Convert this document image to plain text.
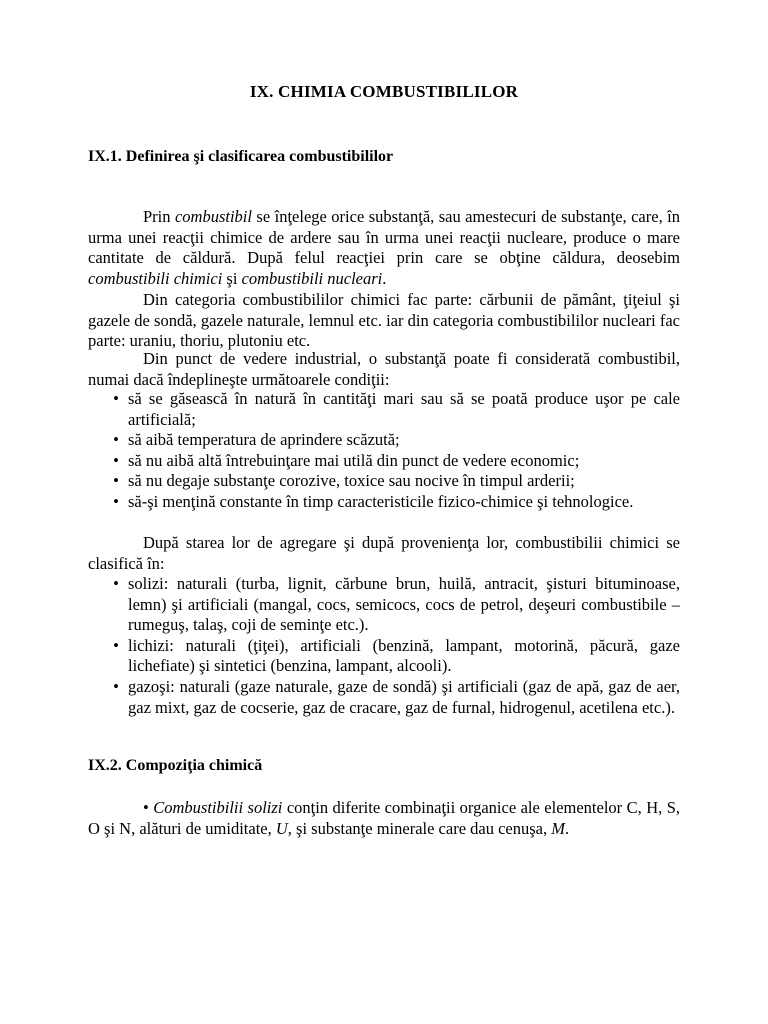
IX. CHIMIA COMBUSTIBILILOR
IX.1. Definirea şi clasificarea combustibililor

Prin combustibil se înţelege orice substanţă, sau amestecuri de substanţe, care, în urma unei reacţii chimice de ardere sau în urma unei reacţii nucleare, produce o mare cantitate de căldură. După felul reacţiei prin care se obţine căldura, deosebim combustibili chimici şi combustibili nucleari.

Din categoria combustibililor chimici fac parte: cărbunii de pământ, ţiţeiul şi gazele de sondă, gazele naturale, lemnul etc. iar din categoria combustibililor nucleari fac parte: uraniu, thoriu, plutoniu etc.

Din punct de vedere industrial, o substanţă poate fi considerată combustibil, numai dacă îndeplineşte următoarele condiţii:

• să se găsească în natură în cantităţi mari sau să se poată produce uşor pe cale artificială;
• să aibă temperatura de aprindere scăzută;
• să nu aibă altă întrebuinţare mai utilă din punct de vedere economic;
• să nu degaje substanţe corozive, toxice sau nocive în timpul arderii;
• să-şi menţină constante în timp caracteristicile fizico-chimice şi tehnologice.

După starea lor de agregare şi după provenienţa lor, combustibilii chimici se clasifică în:

• solizi: naturali (turba, lignit, cărbune brun, huilă, antracit, şisturi bituminoase, lemn) şi artificiali (mangal, cocs, semicocs, cocs de petrol, deşeuri combustibile – rumeguş, talaş, coji de seminţe etc.).
• lichizi: naturali (ţiţei), artificiali (benzină, lampant, motorină, păcură, gaze lichefiate) şi sintetici (benzina, lampant, alcooli).
• gazoşi: naturali (gaze naturale, gaze de sondă) şi artificiali (gaz de apă, gaz de aer, gaz mixt, gaz de cocserie, gaz de cracare, gaz de furnal, hidrogenul, acetilena etc.).
IX.2. Compoziţia chimică

• Combustibilii solizi conţin diferite combinaţii organice ale elementelor C, H, S, O şi N, alături de umiditate, U, şi substanţe minerale care dau cenuşa, M.
